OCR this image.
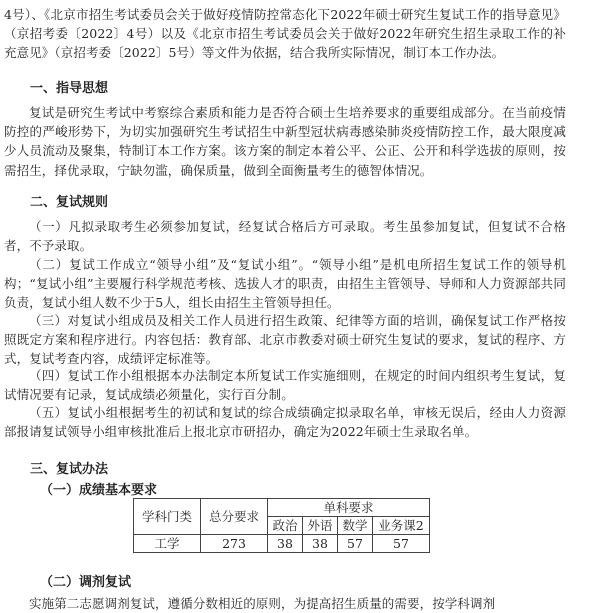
4号）、《北京市招生考试委员会关于做好疫情防控常态化下2022年硕士研究生复试工作的指导意见》（京招考委〔2022〕4号）以及《北京市招生考试委员会关于做好2022年研究生招生录取工作的补充意见》（京招考委〔2022〕5号）等文件为依据，结合我所实际情况，制订本工作办法。

一、指导思想

复试是研究生考试中考察综合素质和能力是否符合硕士生培养要求的重要组成部分。在当前疫情防控的严峻形势下，为切实加强研究生考试招生中新型冠状病毒感染肺炎疫情防控工作，最大限度减少人员流动及聚集，特制订本工作方案。该方案的制定本着公平、公正、公开和科学选拔的原则，按需招生，择优录取，宁缺勿滥，确保质量，做到全面衡量考生的德智体情况。

二、复试规则

（一）凡拟录取考生必须参加复试，经复试合格后方可录取。考生虽参加复试，但复试不合格者，不予录取。

（二）复试工作成立“领导小组”及“复试小组”。“领导小组”是机电所招生复试工作的领导机构；“复试小组”主要履行科学规范考核、选拔人才的职责，由招生主管领导、导师和人力资源部共同负责，复试小组人数不少于5人，组长由招生主管领导担任。

（三）对复试小组成员及相关工作人员进行招生政策、纪律等方面的培训，确保复试工作严格按照既定方案和程序进行。内容包括：教育部、北京市教委对硕士研究生复试的要求，复试的程序、方式，复试考查内容，成绩评定标准等。

（四）复试工作小组根据本办法制定本所复试工作实施细则，在规定的时间内组织考生复试，复试情况要有记录，复试成绩必须量化，实行百分制。

（五）复试小组根据考生的初试和复试的综合成绩确定拟录取名单，审核无误后，经由人力资源部报请复试领导小组审核批准后上报北京市研招办，确定为2022年硕士生录取名单。

三、复试办法
（一）成绩基本要求
学科门类	总分要求	单科要求			
		政治	外语	数学	业务课2
工学	273	38	38	57	57
（二）调剂复试

实施第二志愿调剂复试，遵循分数相近的原则，为提高招生质量的需要，按学科调剂
